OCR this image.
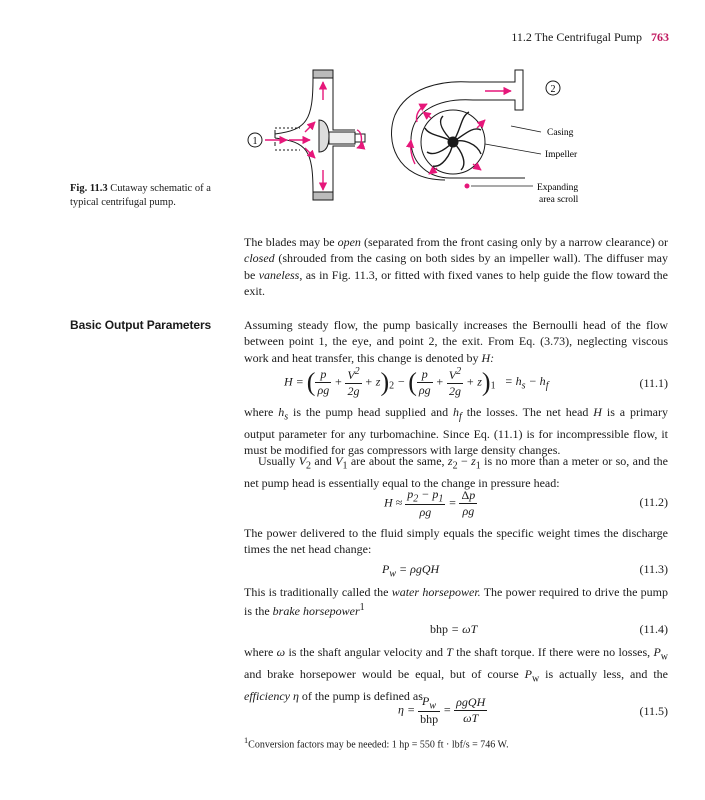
11.2 The Centrifugal Pump 763
1
2
Casing
Impeller
Expanding
area scroll
Fig. 11.3 Cutaway schematic of a typical centrifugal pump.
The blades may be open (separated from the front casing only by a narrow clearance) or closed (shrouded from the casing on both sides by an impeller wall). The diffuser may be vaneless, as in Fig. 11.3, or fitted with fixed vanes to help guide the flow toward the exit.
Basic Output Parameters	Assuming steady flow, the pump basically increases the Bernoulli head of the flow between point 1, the eye, and point 2, the exit. From Eq. (3.73), neglecting viscous work and heat transfer, this change is denoted by H:
H = ( $\frac{p}{\rho g} + \frac{V^2}{2g} + z)_2$ − ( $\frac{p}{\rho g} + \frac{V^2}{2g} + z)_1 = h_s - h_f$	(11.1)
where $h_s$ is the pump head supplied and $h_f$ the losses. The net head H is a primary output parameter for any turbomachine. Since Eq. (11.1) is for incompressible flow, it must be modified for gas compressors with large density changes.
Usually $V_2$ and $V_1$ are about the same, $z_2 - z_1$ is no more than a meter or so, and the net pump head is essentially equal to the change in pressure head:
$H \approx \frac{p_2 - p_1}{\rho g} = \frac{\Delta p}{\rho g}$	(11.2)
The power delivered to the fluid simply equals the specific weight times the discharge times the net head change:
$P_w = \rho gQH$	(11.3)
This is traditionally called the water horsepower. The power required to drive the pump is the brake horsepower$^1$
bhp = ωT	(11.4)
where ω is the shaft angular velocity and T the shaft torque. If there were no losses, $P_w$ and brake horsepower would be equal, but of course $P_w$ is actually less, and the efficiency η of the pump is defined as
$\eta = \frac{P_w}{\text{bhp}} = \frac{\text{ρgQH}}{\omega T}$	(11.5)
$^1$Conversion factors may be needed: 1 hp = 550 ft · lbf/s = 746 W.
